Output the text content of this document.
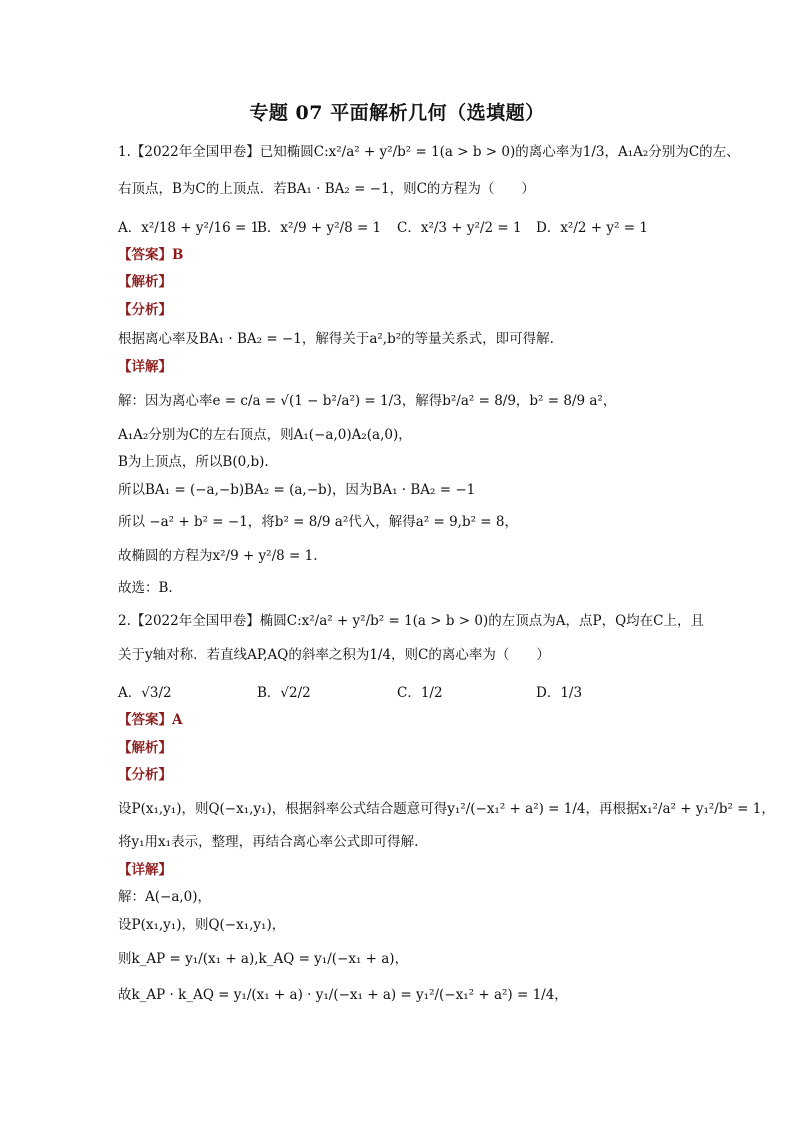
专题 07 平面解析几何（选填题）
1.【2022年全国甲卷】已知椭圆C:x²/a² + y²/b² = 1(a > b > 0)的离心率为1/3，A₁A₂分别为C的左、
右顶点，B为C的上顶点．若BA₁ · BA₂ = −1，则C的方程为（　　）
A．x²/18 + y²/16 = 1
B．x²/9 + y²/8 = 1 C．x²/3 + y²/2 = 1 D．x²/2 + y² = 1
【答案】B
【解析】
【分析】
根据离心率及BA₁ · BA₂ = −1，解得关于a²,b²的等量关系式，即可得解.
【详解】
解：因为离心率e = c/a = √(1 − b²/a²) = 1/3，解得b²/a² = 8/9，b² = 8/9 a²，
A₁A₂分别为C的左右顶点，则A₁(−a,0)A₂(a,0)，
B为上顶点，所以B(0,b).
所以BA₁ = (−a,−b)BA₂ = (a,−b)，因为BA₁ · BA₂ = −1
所以 −a² + b² = −1，将b² = 8/9 a²代入，解得a² = 9,b² = 8，
故椭圆的方程为x²/9 + y²/8 = 1.
故选：B.
2.【2022年全国甲卷】椭圆C:x²/a² + y²/b² = 1(a > b > 0)的左顶点为A，点P，Q均在C上，且
关于y轴对称．若直线AP,AQ的斜率之积为1/4，则C的离心率为（　　）
A．√3/2	B．√2/2	C．1/2	D．1/3
【答案】A
【解析】
【分析】
设P(x₁,y₁)，则Q(−x₁,y₁)，根据斜率公式结合题意可得y₁²/(−x₁² + a²) = 1/4，再根据x₁²/a² + y₁²/b² = 1，
将y₁用x₁表示，整理，再结合离心率公式即可得解.
【详解】
解：A(−a,0)，
设P(x₁,y₁)，则Q(−x₁,y₁)，
则k_AP = y₁/(x₁ + a),k_AQ = y₁/(−x₁ + a)，
故k_AP · k_AQ = y₁/(x₁ + a) · y₁/(−x₁ + a) = y₁²/(−x₁² + a²) = 1/4，
